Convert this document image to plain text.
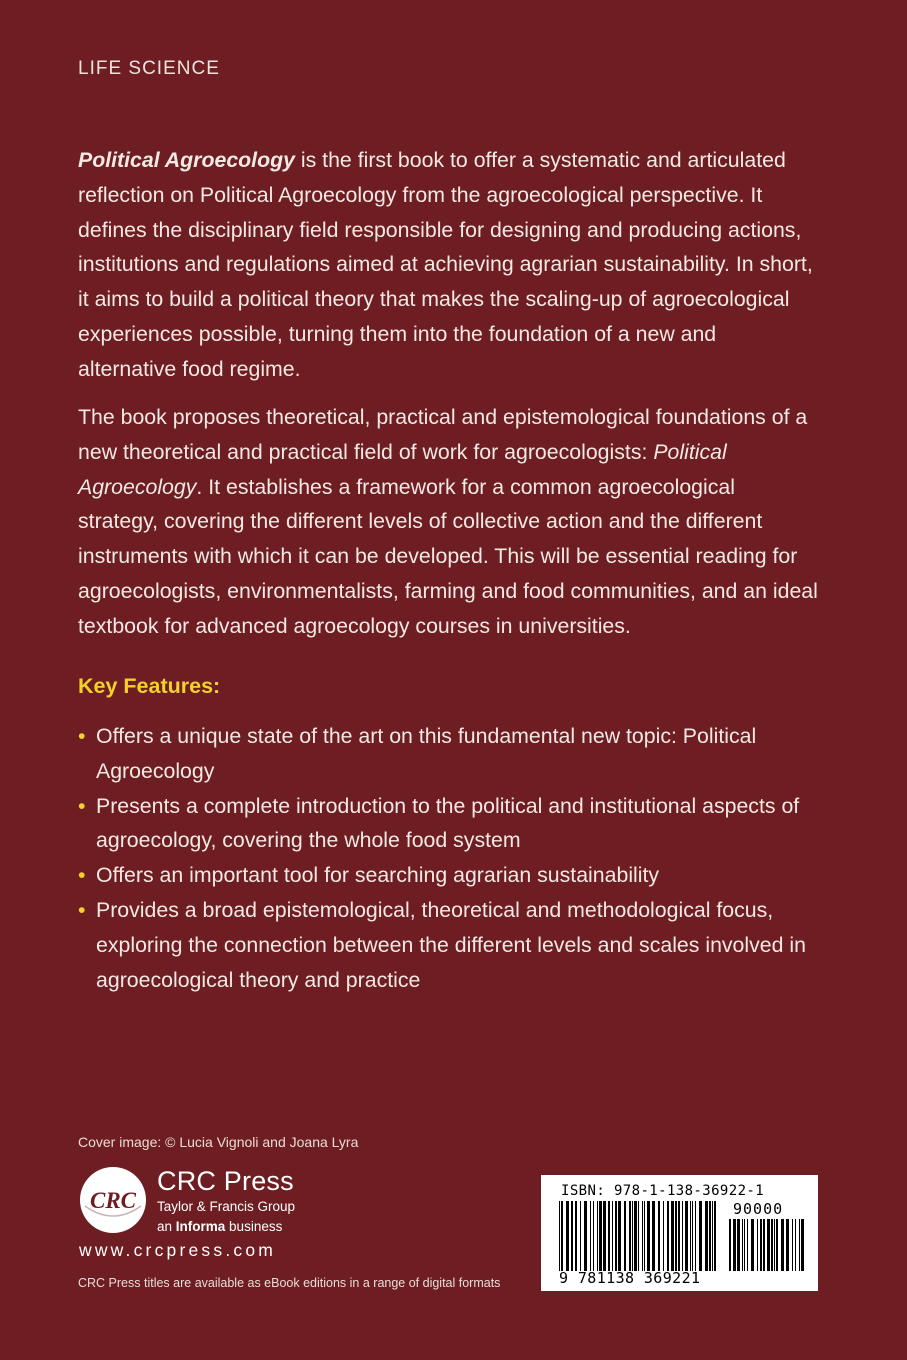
LIFE SCIENCE

Political Agroecology is the first book to offer a systematic and articulated reflection on Political Agroecology from the agroecological perspective. It defines the disciplinary field responsible for designing and producing actions, institutions and regulations aimed at achieving agrarian sustainability. In short, it aims to build a political theory that makes the scaling-up of agroecological experiences possible, turning them into the foundation of a new and alternative food regime.

The book proposes theoretical, practical and epistemological foundations of a new theoretical and practical field of work for agroecologists: Political Agroecology. It establishes a framework for a common agroecological strategy, covering the different levels of collective action and the different instruments with which it can be developed. This will be essential reading for agroecologists, environmentalists, farming and food communities, and an ideal textbook for advanced agroecology courses in universities.

Key Features:
• Offers a unique state of the art on this fundamental new topic: Political Agroecology
• Presents a complete introduction to the political and institutional aspects of agroecology, covering the whole food system
• Offers an important tool for searching agrarian sustainability
• Provides a broad epistemological, theoretical and methodological focus, exploring the connection between the different levels and scales involved in agroecological theory and practice
Cover image: © Lucia Vignoli and Joana Lyra
CRC
CRC Press
Taylor & Francis Group
an Informa business
www.crcpress.com
CRC Press titles are available as eBook editions in a range of digital formats
ISBN: 978-1-138-36922-1
90000
9 781138 369221
